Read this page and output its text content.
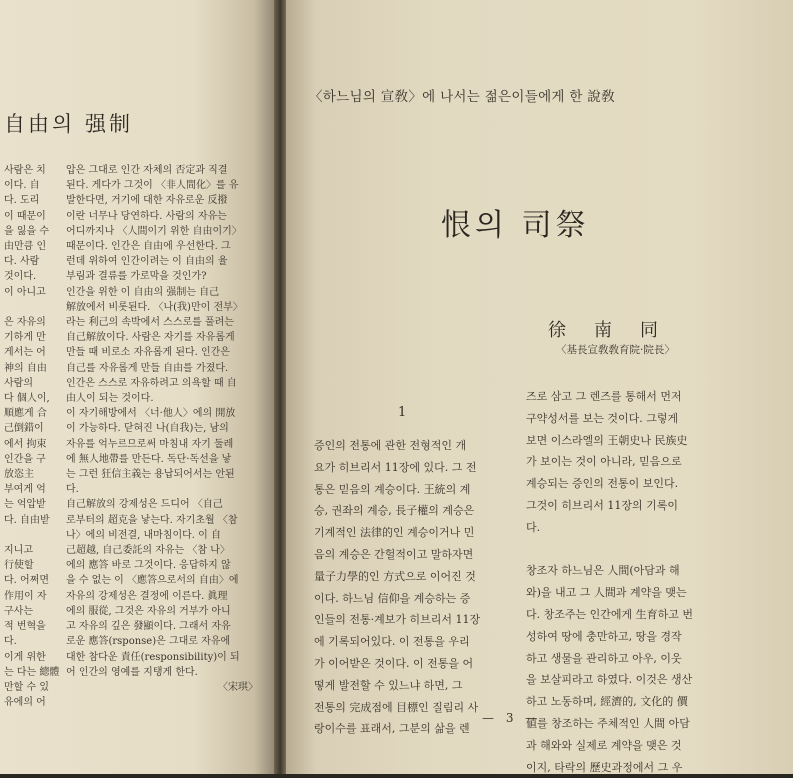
自由의 强制
사람은 치
이다. 自
다. 도리
이 때문이
을 잃을 수
由만큼 인
다. 사람
것이다.
이 아니고

은 자유의
기하게 만
게서는 어
神의 自由
사람의
다 個人이,
順應게 合
己倒錯이
에서 拘束
인간을 구
放恣主
부여게 억
는 억압받
다. 自由받

지니고
行使할
다. 어쩌면
作用이 자
구사는
적 번혁을
다.
이게 위한
는 다는 總體
만할 수 있
유에의 어
압은 그대로 인간 자체의 否定과 직결
된다. 게다가 그것이 〈非人間化〉를 유
발한다면, 거기에 대한 자유로운 反撥
이란 너무나 당연하다. 사람의 자유는
어디까지나 〈人間이기 위한 自由이기〉
때문이다. 인간은 自由에 우선한다. 그
런데 위하여 인간이려는 이 自由의 율
부림과 결류를 가로막을 것인가?
인간을 위한 이 自由의 强制는 自己
解放에서 비롯된다. 〈나(我)만이 전부〉
라는 利己의 속박에서 스스로를 풀려는
自己解放이다. 사람은 자기를 자유롭게
만들 때 비로소 자유롭게 된다. 인간은
自己를 자유롭게 만들 自由를 가졌다.
인간은 스스로 자유하려고 의욕할 때 自
由人이 되는 것이다.
이 자기해방에서 〈너·他人〉에의 開放
이 가능하다. 닫혀진 나(自我)는, 남의
자유를 억누르므로써 마침내 자기 둘레
에 無人地帶를 만든다. 독단·독선을 낳
는 그런 狂信主義는 용납되어서는 안된
다.
自己解放의 강제성은 드디어 〈自己
로부터의 超克을 낳는다. 자기초월 〈참
나〉에의 비전결, 내마침이다. 이 自
己超越, 自己委託의 자유는 〈참 나〉
에의 應答 바로 그것이다. 응답하지 않
을 수 없는 이 〈應答으로서의 自由〉에
자유의 강제성은 결정에 이른다. 眞理
에의 服從, 그것은 자유의 거부가 아니
고 자유의 깊은 發顯이다. 그래서 자유
로운 應答(rsponse)은 그대로 자유에
대한 참다운 責任(responsibility)이 되
어 인간의 영예를 지탱게 한다.
〈宋琪〉
〈하느님의 宣敎〉에 나서는 젊은이들에게 한 說敎
恨의 司祭
徐南同
〈基長宣敎敎育院·院長〉
1
증인의 전통에 관한 전형적인 개
요가 히브리서 11장에 있다. 그 전
통은 믿음의 계승이다. 王統의 계
승, 권좌의 계승, 長子權의 계승은
기계적인 法律的인 계승이거나 민
음의 계승은 간헐적이고 말하자면
量子力學的인 方式으로 이어진 것
이다. 하느님 信仰을 계승하는 증
인들의 전통·계보가 히브리서 11장
에 기록되어있다. 이 전통을 우리
가 이어받은 것이다. 이 전통을 어
떻게 발전할 수 있느냐 하면, 그
전통의 完成점에 目標인 질림리 사
랑이수를 표래서, 그분의 삶을 렌
즈로 삼고 그 렌즈를 통해서 먼저
구약성서를 보는 것이다. 그렇게
보면 이스라엘의 王朝史나 民族史
가 보이는 것이 아니라, 믿음으로
계승되는 증인의 전통이 보인다.
그것이 히브리서 11장의 기록이
다.

창조자 하느님은 人間(아담과 해
와)을 내고 그 人間과 계약을 맺는
다. 창조주는 인간에게 生育하고 번
성하여 땅에 충만하고, 땅을 경작
하고 생물을 관리하고 아우, 이웃
을 보살피라고 하였다. 이것은 생산
하고 노동하며, 經濟的, 文化的 價
値를 창조하는 주체적인 人間 아담
과 해와와 실제로 계약을 맺은 것
이지, 타락의 歷史과정에서 그 우
— 3 —
